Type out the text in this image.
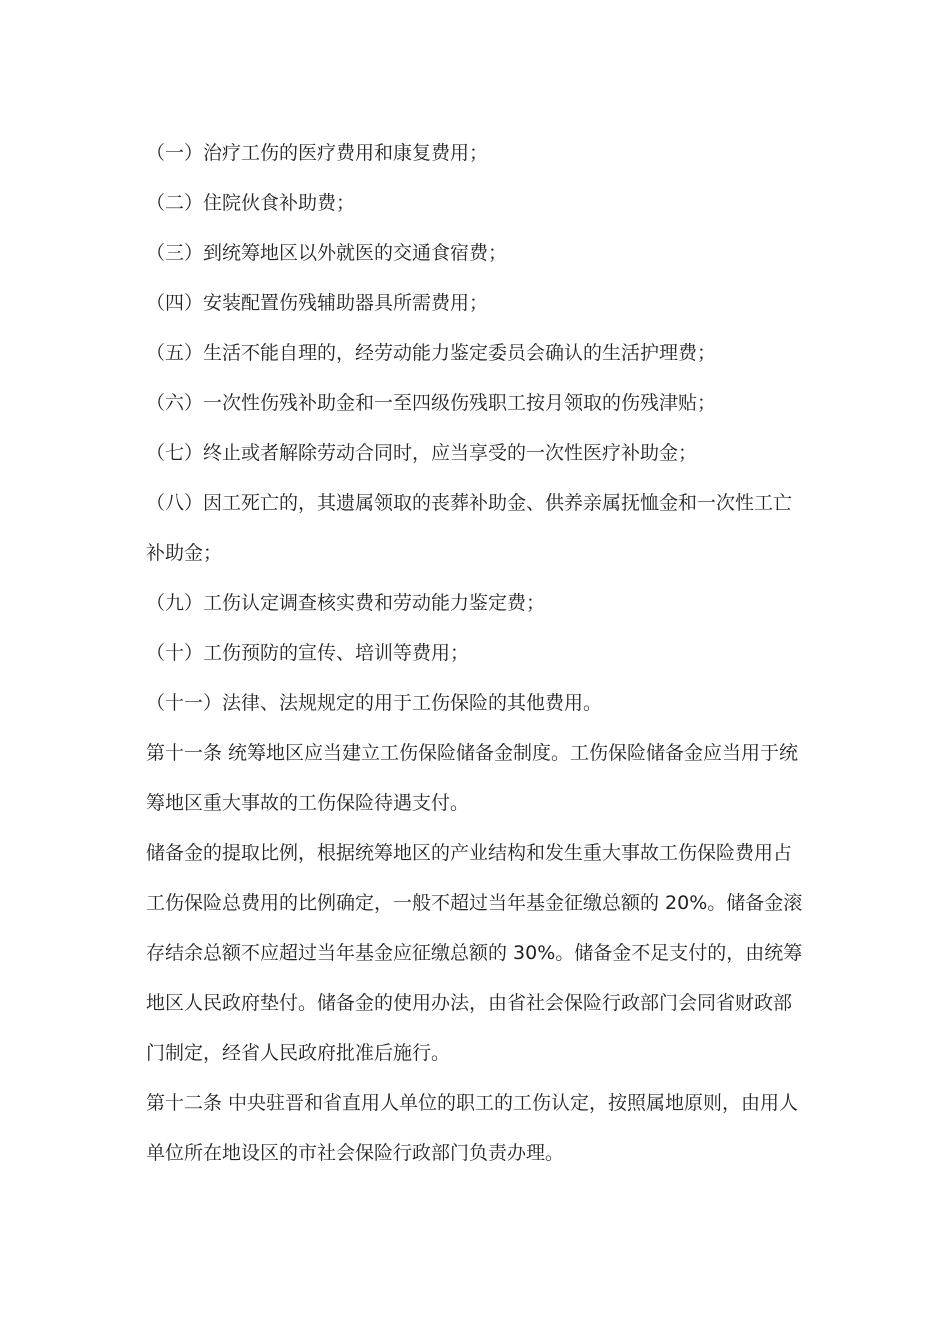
（一）治疗工伤的医疗费用和康复费用；
（二）住院伙食补助费；
（三）到统筹地区以外就医的交通食宿费；
（四）安装配置伤残辅助器具所需费用；
（五）生活不能自理的，经劳动能力鉴定委员会确认的生活护理费；
（六）一次性伤残补助金和一至四级伤残职工按月领取的伤残津贴；
（七）终止或者解除劳动合同时，应当享受的一次性医疗补助金；
（八）因工死亡的，其遗属领取的丧葬补助金、供养亲属抚恤金和一次性工亡
补助金；
（九）工伤认定调查核实费和劳动能力鉴定费；
（十）工伤预防的宣传、培训等费用；
（十一）法律、法规规定的用于工伤保险的其他费用。
第十一条 统筹地区应当建立工伤保险储备金制度。工伤保险储备金应当用于统
筹地区重大事故的工伤保险待遇支付。
储备金的提取比例，根据统筹地区的产业结构和发生重大事故工伤保险费用占
工伤保险总费用的比例确定，一般不超过当年基金征缴总额的 20%。储备金滚
存结余总额不应超过当年基金应征缴总额的 30%。储备金不足支付的，由统筹
地区人民政府垫付。储备金的使用办法，由省社会保险行政部门会同省财政部
门制定，经省人民政府批准后施行。
第十二条 中央驻晋和省直用人单位的职工的工伤认定，按照属地原则，由用人
单位所在地设区的市社会保险行政部门负责办理。
